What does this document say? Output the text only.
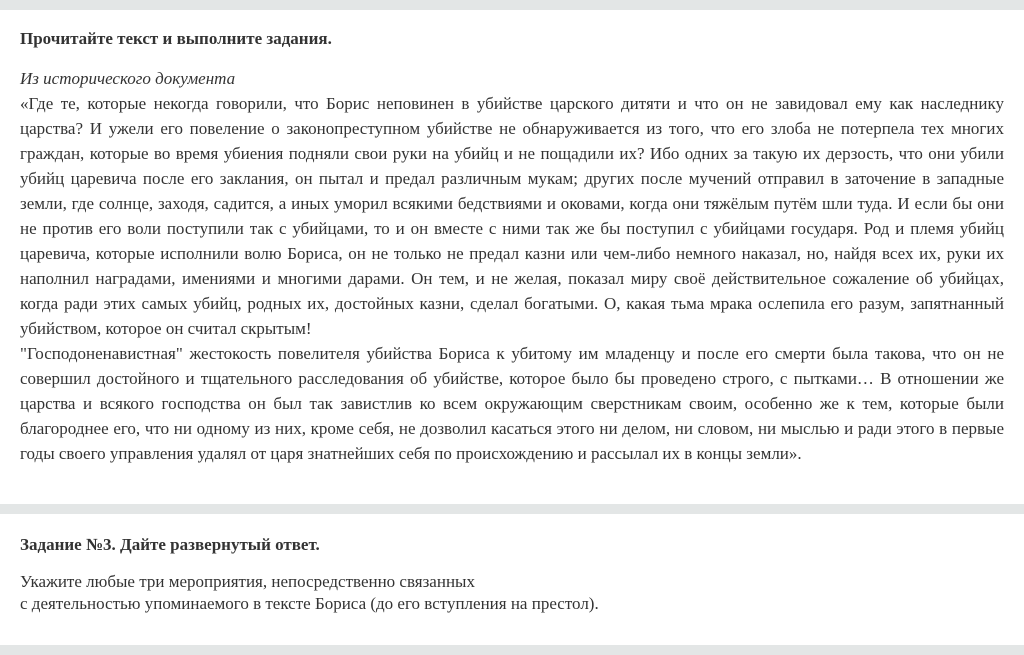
Прочитайте текст и выполните задания.
Из исторического документа

«Где те, которые некогда говорили, что Борис неповинен в убийстве царского дитяти и что он не завидовал ему как наследнику царства? И ужели его повеление о законопреступном убийстве не обнаруживается из того, что его злоба не потерпела тех многих граждан, которые во время убиения подняли свои руки на убийц и не пощадили их? Ибо одних за такую их дерзость, что они убили убийц царевича после его заклания, он пытал и предал различным мукам; других после мучений отправил в заточение в западные земли, где солнце, заходя, садится, а иных уморил всякими бедствиями и оковами, когда они тяжёлым путём шли туда. И если бы они не против его воли поступили так с убийцами, то и он вместе с ними так же бы поступил с убийцами государя. Род и племя убийц царевича, которые исполнили волю Бориса, он не только не предал казни или чем-либо немного наказал, но, найдя всех их, руки их наполнил наградами, имениями и многими дарами. Он тем, и не желая, показал миру своё действительное сожаление об убийцах, когда ради этих самых убийц, родных их, достойных казни, сделал богатыми. О, какая тьма мрака ослепила его разум, запятнанный убийством, которое он считал скрытым!

"Господоненавистная" жестокость повелителя убийства Бориса к убитому им младенцу и после его смерти была такова, что он не совершил достойного и тщательного расследования об убийстве, которое было бы проведено строго, с пытками… В отношении же царства и всякого господства он был так завистлив ко всем окружающим сверстникам своим, особенно же к тем, которые были благороднее его, что ни одному из них, кроме себя, не дозволил касаться этого ни делом, ни словом, ни мыслью и ради этого в первые годы своего управления удалял от царя знатнейших себя по происхождению и рассылал их в концы земли».

Задание №3. Дайте развернутый ответ.
Укажите любые три мероприятия, непосредственно связанных
с деятельностью упоминаемого в тексте Бориса (до его вступления на престол).
